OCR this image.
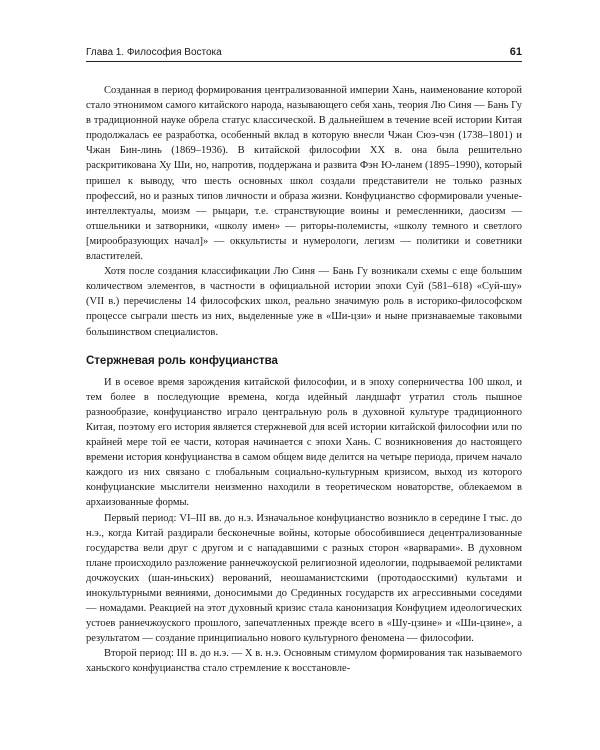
Глава 1. Философия Востока	61

Созданная в период формирования централизованной империи Хань, наименование которой стало этнонимом самого китайского народа, называющего себя хань, теория Лю Синя — Бань Гу в традиционной науке обрела статус классической. В дальнейшем в течение всей истории Китая продолжалась ее разработка, особенный вклад в которую внесли Чжан Сюэ-чэн (1738–1801) и Чжан Бин-линь (1869–1936). В китайской философии XX в. она была решительно раскритикована Ху Ши, но, напротив, поддержана и развита Фэн Ю-ланем (1895–1990), который пришел к выводу, что шесть основных школ создали представители не только разных профессий, но и разных типов личности и образа жизни. Конфуцианство сформировали ученые-интеллектуалы, моизм — рыцари, т.е. странствующие воины и ремесленники, даосизм — отшельники и затворники, «школу имен» — риторы-полемисты, «школу темного и светлого [мирообразующих начал]» — оккультисты и нумерологи, легизм — политики и советники властителей.

Хотя после создания классификации Лю Синя — Бань Гу возникали схемы с еще большим количеством элементов, в частности в официальной истории эпохи Суй (581–618) «Суй-шу» (VII в.) перечислены 14 философских школ, реально значимую роль в историко-философском процессе сыграли шесть из них, выделенные уже в «Ши-цзи» и ныне признаваемые таковыми большинством специалистов.

Стержневая роль конфуцианства

И в осевое время зарождения китайской философии, и в эпоху соперничества 100 школ, и тем более в последующие времена, когда идейный ландшафт утратил столь пышное разнообразие, конфуцианство играло центральную роль в духовной культуре традиционного Китая, поэтому его история является стержневой для всей истории китайской философии или по крайней мере той ее части, которая начинается с эпохи Хань. С возникновения до настоящего времени история конфуцианства в самом общем виде делится на четыре периода, причем начало каждого из них связано с глобальным социально-культурным кризисом, выход из которого конфуцианские мыслители неизменно находили в теоретическом новаторстве, облекаемом в архаизованные формы.

Первый период: VI–III вв. до н.э. Изначальное конфуцианство возникло в середине I тыс. до н.э., когда Китай раздирали бесконечные войны, которые обособившиеся децентрализованные государства вели друг с другом и с нападавшими с разных сторон «варварами». В духовном плане происходило разложение раннечжоуской религиозной идеологии, подрываемой реликтами дочжоуских (шан-иньских) верований, неошаманистскими (протодаосскими) культами и инокультурными веяниями, доносимыми до Срединных государств их агрессивными соседями — номадами. Реакцией на этот духовный кризис стала канонизация Конфуцием идеологических устоев раннечжоуского прошлого, запечатленных прежде всего в «Шу-цзине» и «Ши-цзине», а результатом — создание принципиально нового культурного феномена — философии.

Второй период: III в. до н.э. — X в. н.э. Основным стимулом формирования так называемого ханьского конфуцианства стало стремление к восстановле-
